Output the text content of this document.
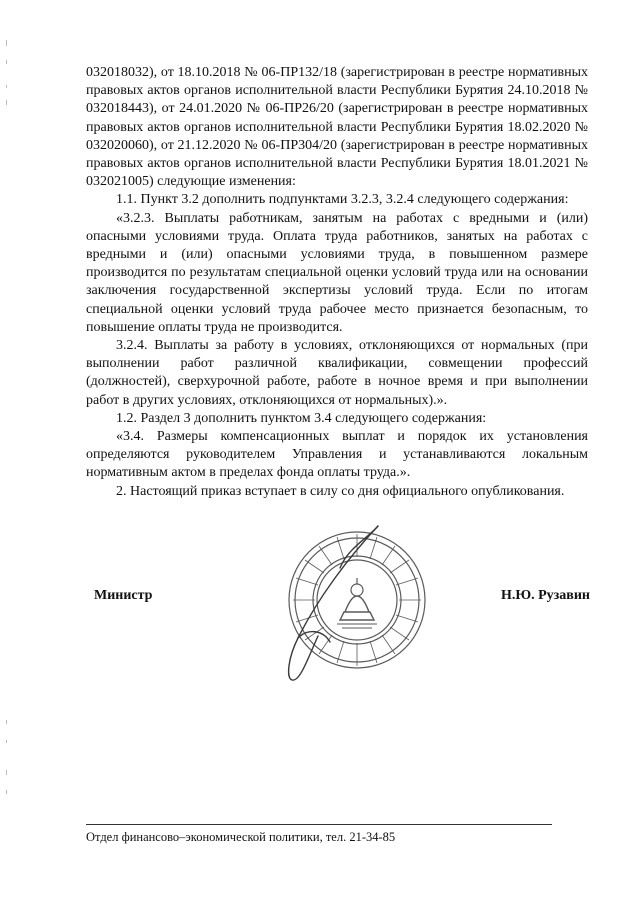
032018032), от 18.10.2018 № 06-ПР132/18 (зарегистрирован в реестре нормативных правовых актов органов исполнительной власти Республики Бурятия 24.10.2018 № 032018443), от 24.01.2020 № 06-ПР26/20 (зарегистрирован в реестре нормативных правовых актов органов исполнительной власти Республики Бурятия 18.02.2020 № 032020060), от 21.12.2020 № 06-ПР304/20 (зарегистрирован в реестре нормативных правовых актов органов исполнительной власти Республики Бурятия 18.01.2021 № 032021005) следующие изменения:

1.1. Пункт 3.2 дополнить подпунктами 3.2.3, 3.2.4 следующего содержания:

«3.2.3. Выплаты работникам, занятым на работах с вредными и (или) опасными условиями труда. Оплата труда работников, занятых на работах с вредными и (или) опасными условиями труда, в повышенном размере производится по результатам специальной оценки условий труда или на основании заключения государственной экспертизы условий труда. Если по итогам специальной оценки условий труда рабочее место признается безопасным, то повышение оплаты труда не производится.

3.2.4. Выплаты за работу в условиях, отклоняющихся от нормальных (при выполнении работ различной квалификации, совмещении профессий (должностей), сверхурочной работе, работе в ночное время и при выполнении работ в других условиях, отклоняющихся от нормальных).».

1.2. Раздел 3 дополнить пунктом 3.4 следующего содержания:

«3.4. Размеры компенсационных выплат и порядок их установления определяются руководителем Управления и устанавливаются локальным нормативным актом в пределах фонда оплаты труда.».

2. Настоящий приказ вступает в силу со дня официального опубликования.

Министр	Н.Ю. Рузавин
Отдел финансово–экономической политики, тел. 21-34-85
